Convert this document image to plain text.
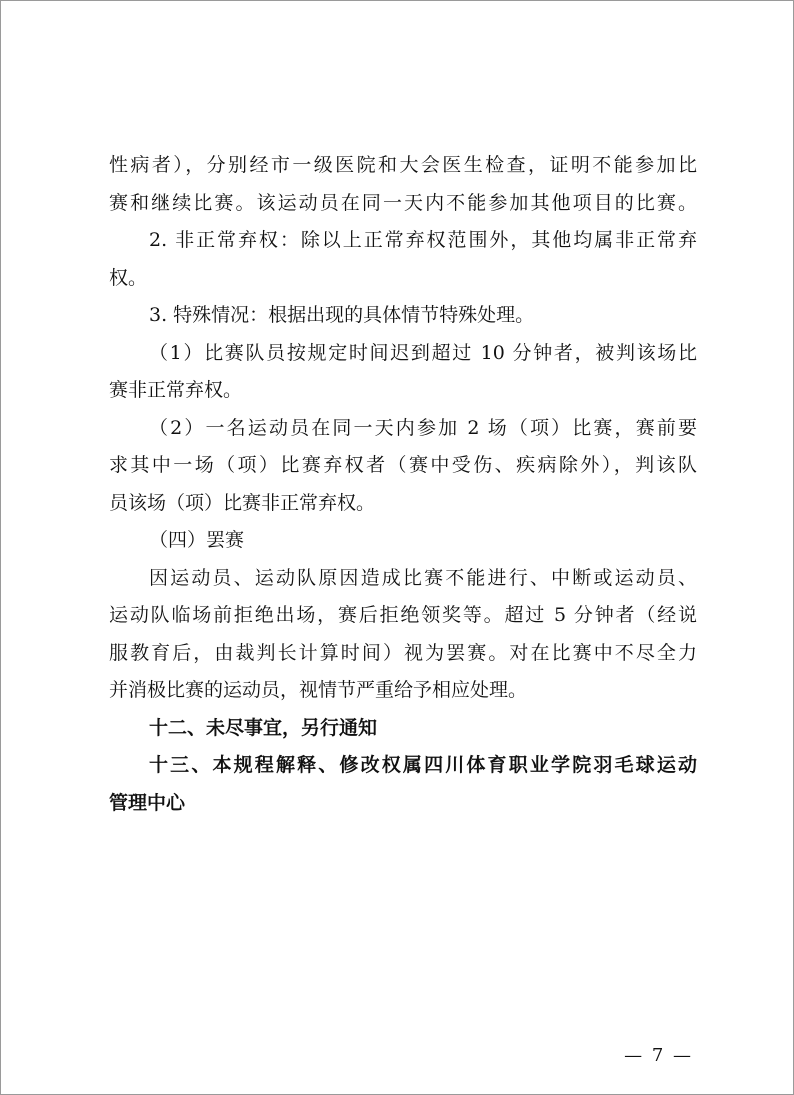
性病者），分别经市一级医院和大会医生检查，证明不能参加比
赛和继续比赛。该运动员在同一天内不能参加其他项目的比赛。
2. 非正常弃权：除以上正常弃权范围外，其他均属非正常弃
权。
3. 特殊情况：根据出现的具体情节特殊处理。
（1）比赛队员按规定时间迟到超过 10 分钟者，被判该场比
赛非正常弃权。
（2）一名运动员在同一天内参加 2 场（项）比赛，赛前要
求其中一场（项）比赛弃权者（赛中受伤、疾病除外），判该队
员该场（项）比赛非正常弃权。
（四）罢赛
因运动员、运动队原因造成比赛不能进行、中断或运动员、
运动队临场前拒绝出场，赛后拒绝领奖等。超过 5 分钟者（经说
服教育后，由裁判长计算时间）视为罢赛。对在比赛中不尽全力
并消极比赛的运动员，视情节严重给予相应处理。
十二、未尽事宜，另行通知
十三、本规程解释、修改权属四川体育职业学院羽毛球运动
管理中心
— 7 —
